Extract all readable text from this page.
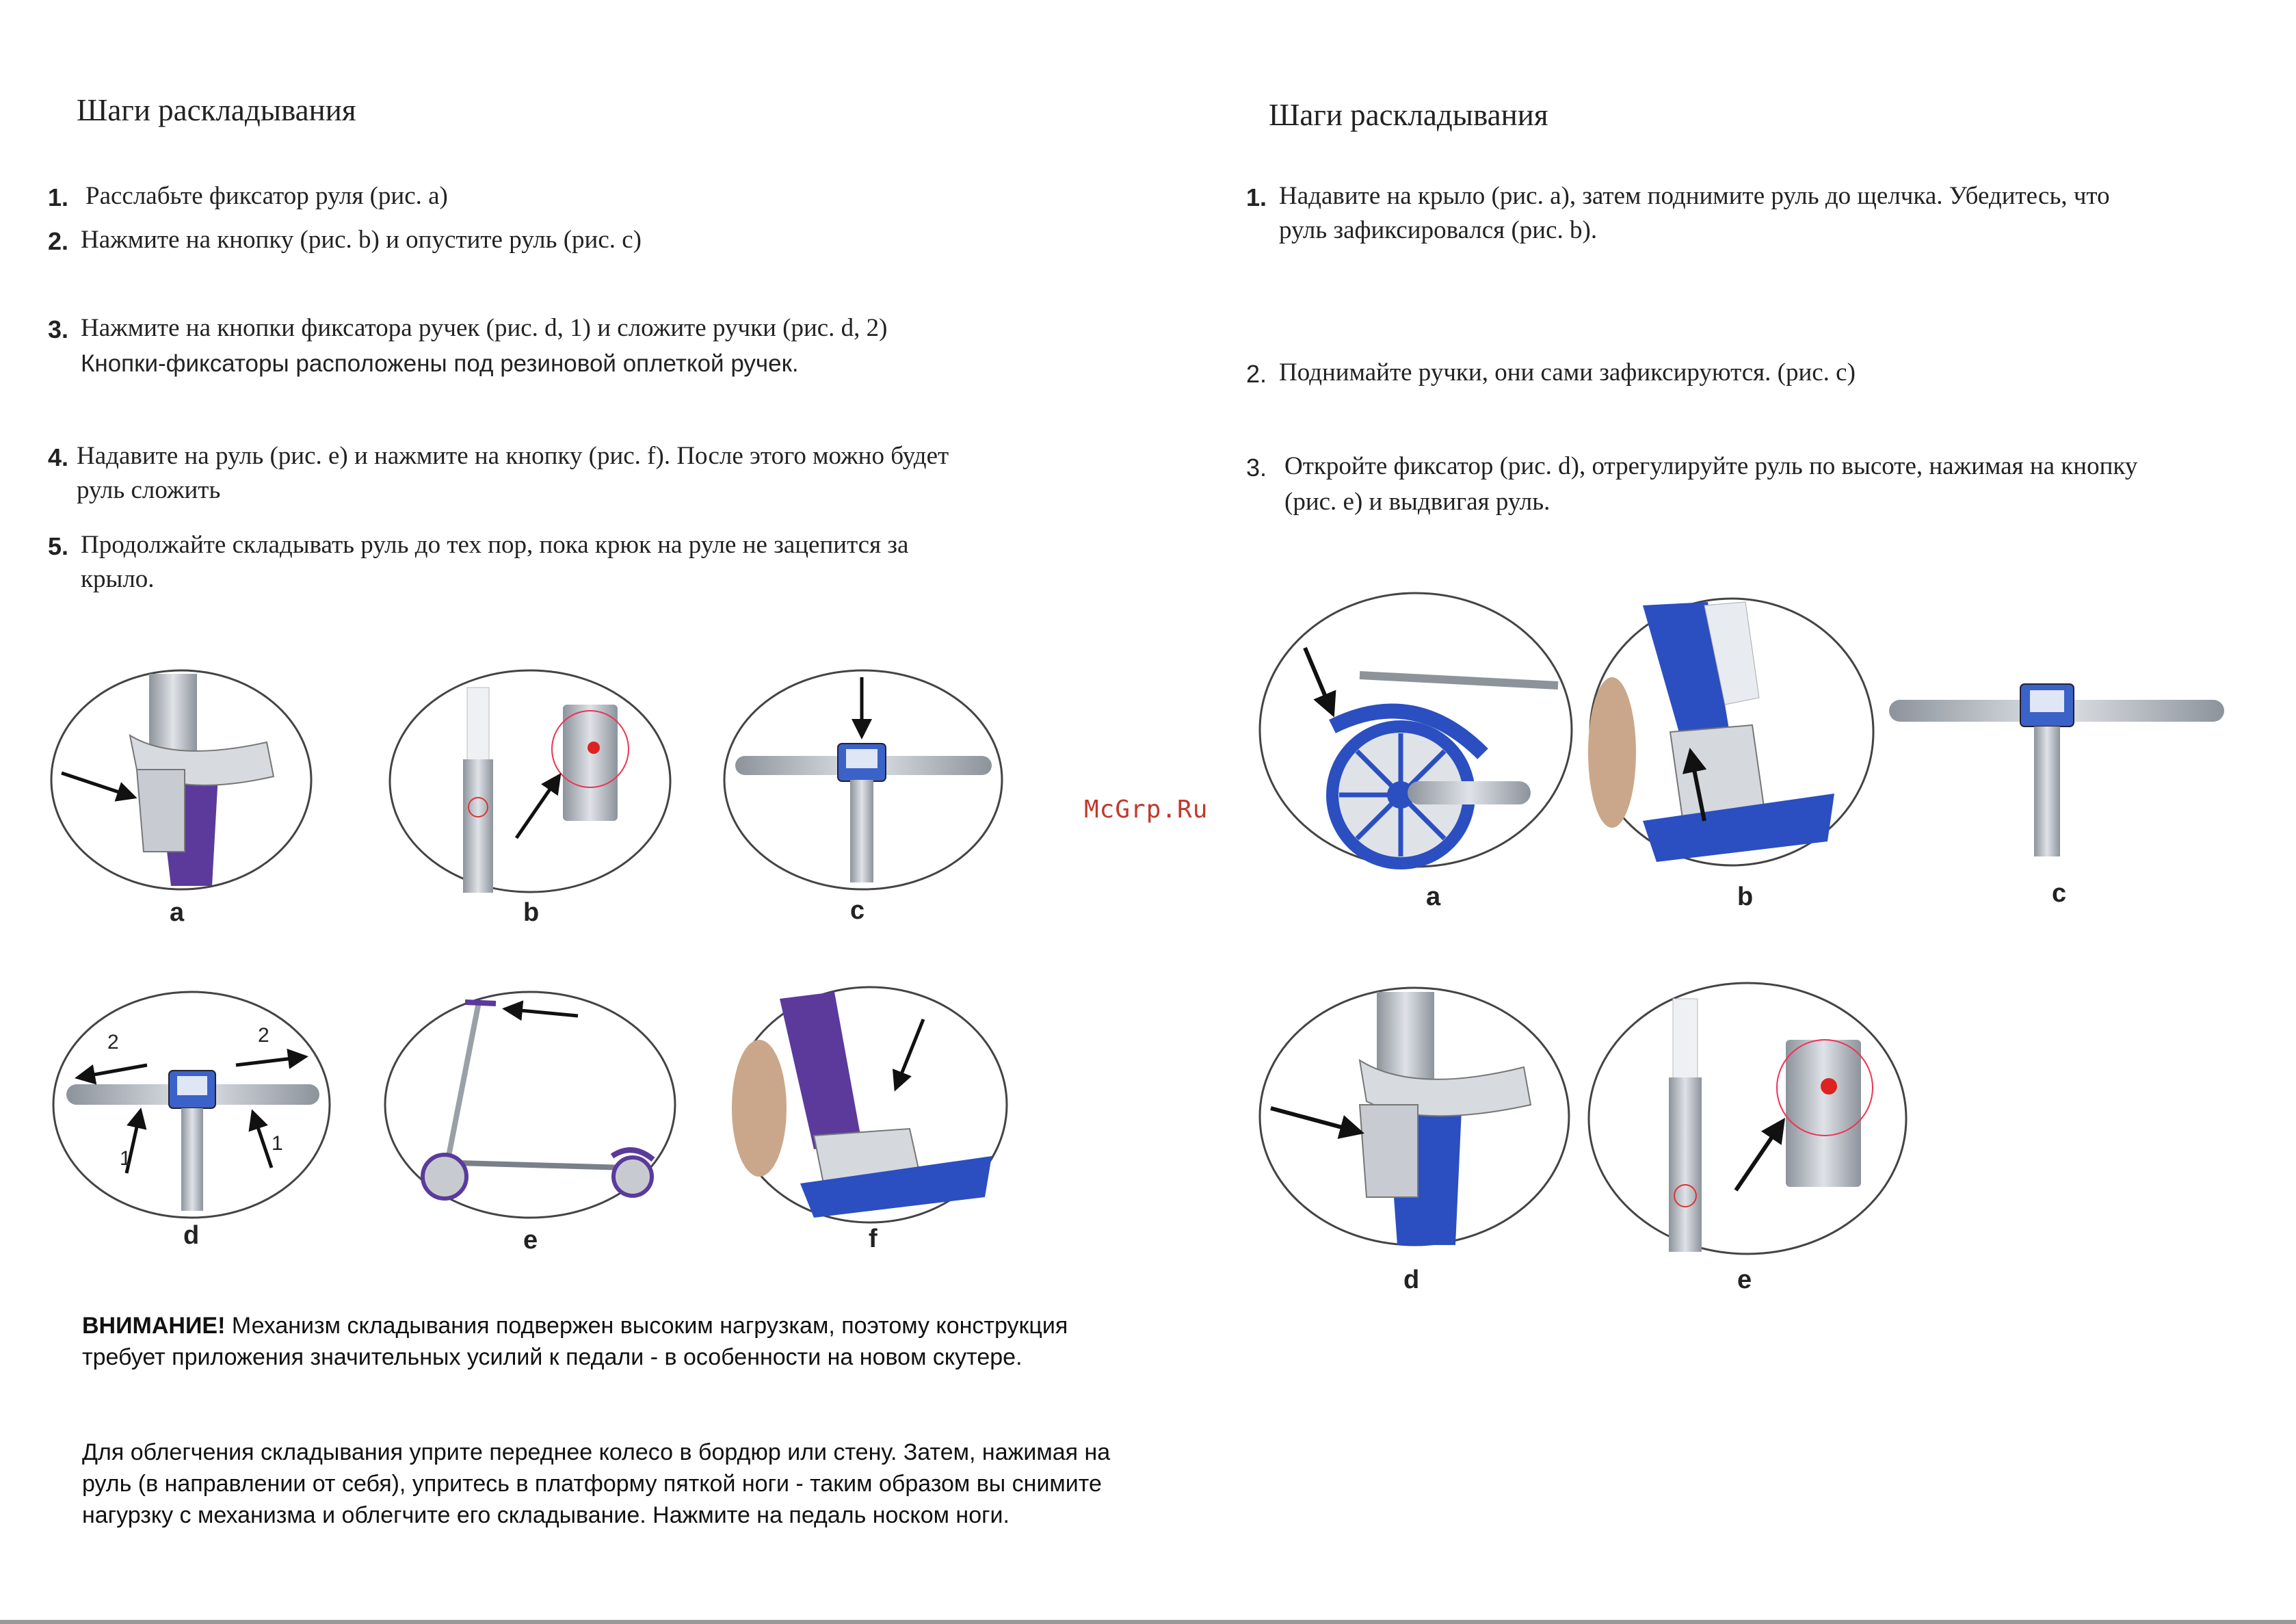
Шаги раскладывания
1. Расслабьте фиксатор руля (рис. а)
2. Нажмите на кнопку (рис. b) и опустите руль (рис. с)
3. Нажмите на кнопки фиксатора ручек (рис. d, 1) и сложите ручки (рис. d, 2)
Кнопки-фиксаторы расположены под резиновой оплеткой ручек.
4. Надавите на руль (рис. е) и нажмите на кнопку (рис. f). После этого можно будет
руль сложить
5. Продолжайте складывать руль до тех пор, пока крюк на руле не зацепится за
крыло.
a	b	c
2	2
1
1
d	e	f
ВНИМАНИЕ! Механизм складывания подвержен высоким нагрузкам, поэтому конструкция требует приложения значительных усилий к педали - в особенности на новом скутере.
Для облегчения складывания уприте переднее колесо в бордюр или стену. Затем, нажимая на руль (в направлении от себя), упритесь в платформу пяткой ноги - таким образом вы снимите нагурзку с механизма и облегчите его складывание. Нажмите на педаль носком ноги.
Шаги раскладывания
1. Надавите на крыло (рис. а), затем поднимите руль до щелчка. Убедитесь, что
руль зафиксировался (рис. b).
2. Поднимайте ручки, они сами зафиксируются. (рис. с)
3. Откройте фиксатор (рис. d), отрегулируйте руль по высоте, нажимая на кнопку
(рис. е) и выдвигая руль.
McGrp.Ru
a	b	c
d	e
